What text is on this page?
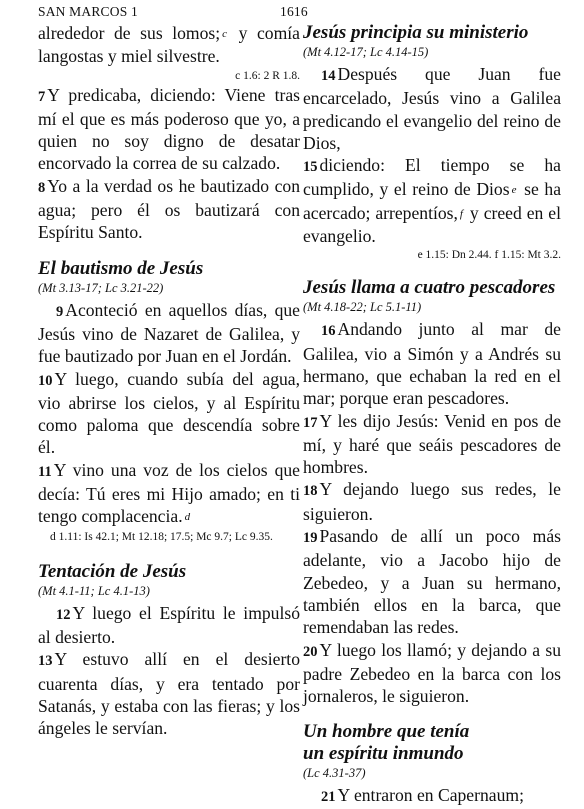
SAN MARCOS 1	1616

alrededor de sus lomos; c y comía langostas y miel silvestre.

c 1.6: 2 R 1.8.

7 Y predicaba, diciendo: Viene tras mí el que es más poderoso que yo, a quien no soy digno de desatar encorvado la correa de su calzado.

8 Yo a la verdad os he bautizado con agua; pero él os bautizará con Espíritu Santo.

El bautismo de Jesús
(Mt 3.13-17; Lc 3.21-22)

9 Aconteció en aquellos días, que Jesús vino de Nazaret de Galilea, y fue bautizado por Juan en el Jordán.

10 Y luego, cuando subía del agua, vio abrirse los cielos, y al Espíritu como paloma que descendía sobre él.

11 Y vino una voz de los cielos que decía: Tú eres mi Hijo amado; en ti tengo complacencia. d

d 1.11: Is 42.1; Mt 12.18; 17.5; Mc 9.7; Lc 9.35.
Tentación de Jesús
(Mt 4.1-11; Lc 4.1-13)

12 Y luego el Espíritu le impulsó al desierto.

13 Y estuvo allí en el desierto cuarenta días, y era tentado por Satanás, y estaba con las fieras; y los ángeles le servían.

Jesús principia su ministerio
(Mt 4.12-17; Lc 4.14-15)

14 Después que Juan fue encarcelado, Jesús vino a Galilea predicando el evangelio del reino de Dios,

15 diciendo: El tiempo se ha cumplido, y el reino de Dios e se ha acercado; arrepentíos, f y creed en el evangelio.

e 1.15: Dn 2.44. f 1.15: Mt 3.2.
Jesús llama a cuatro pescadores
(Mt 4.18-22; Lc 5.1-11)

16 Andando junto al mar de Galilea, vio a Simón y a Andrés su hermano, que echaban la red en el mar; porque eran pescadores.

17 Y les dijo Jesús: Venid en pos de mí, y haré que seáis pescadores de hombres.

18 Y dejando luego sus redes, le siguieron.

19 Pasando de allí un poco más adelante, vio a Jacobo hijo de Zebedeo, y a Juan su hermano, también ellos en la barca, que remendaban las redes.

20 Y luego los llamó; y dejando a su padre Zebedeo en la barca con los jornaleros, le siguieron.

Un hombre que tenía
un espíritu inmundo
(Lc 4.31-37)

21 Y entraron en Capernaum;
